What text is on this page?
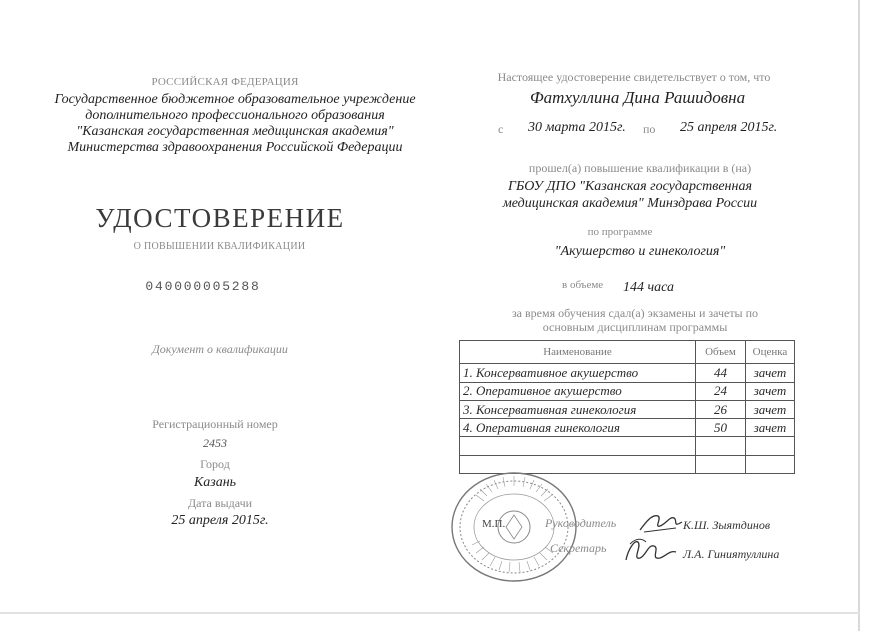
РОССИЙСКАЯ ФЕДЕРАЦИЯ
Государственное бюджетное образовательное учреждение дополнительного профессионального образования "Казанская государственная медицинская академия" Министерства здравоохранения Российской Федерации
УДОСТОВЕРЕНИЕ
О ПОВЫШЕНИИ КВАЛИФИКАЦИИ
040000005288
Документ о квалификации
Регистрационный номер
2453
Город
Казань
Дата выдачи
25 апреля 2015г.
Настоящее удостоверение свидетельствует о том, что
Фатхуллина Дина Рашидовна
с	30 марта 2015г.	по	25 апреля 2015г.
прошел(а) повышение квалификации в (на)
ГБОУ ДПО "Казанская государственная медицинская академия" Минздрава России
по программе
"Акушерство и гинекология"
в объеме	144 часа
за время обучения сдал(а) экзамены и зачеты по основным дисциплинам программы
Наименование	Объем	Оценка
1. Консервативное акушерство	44	зачет
2. Оперативное акушерство	24	зачет
3. Консервативная гинекология	26	зачет
4. Оперативная гинекология	50	зачет

М.П.	Руководитель	К.Ш. Зыятдинов
Секретарь	Л.А. Гиниятуллина
